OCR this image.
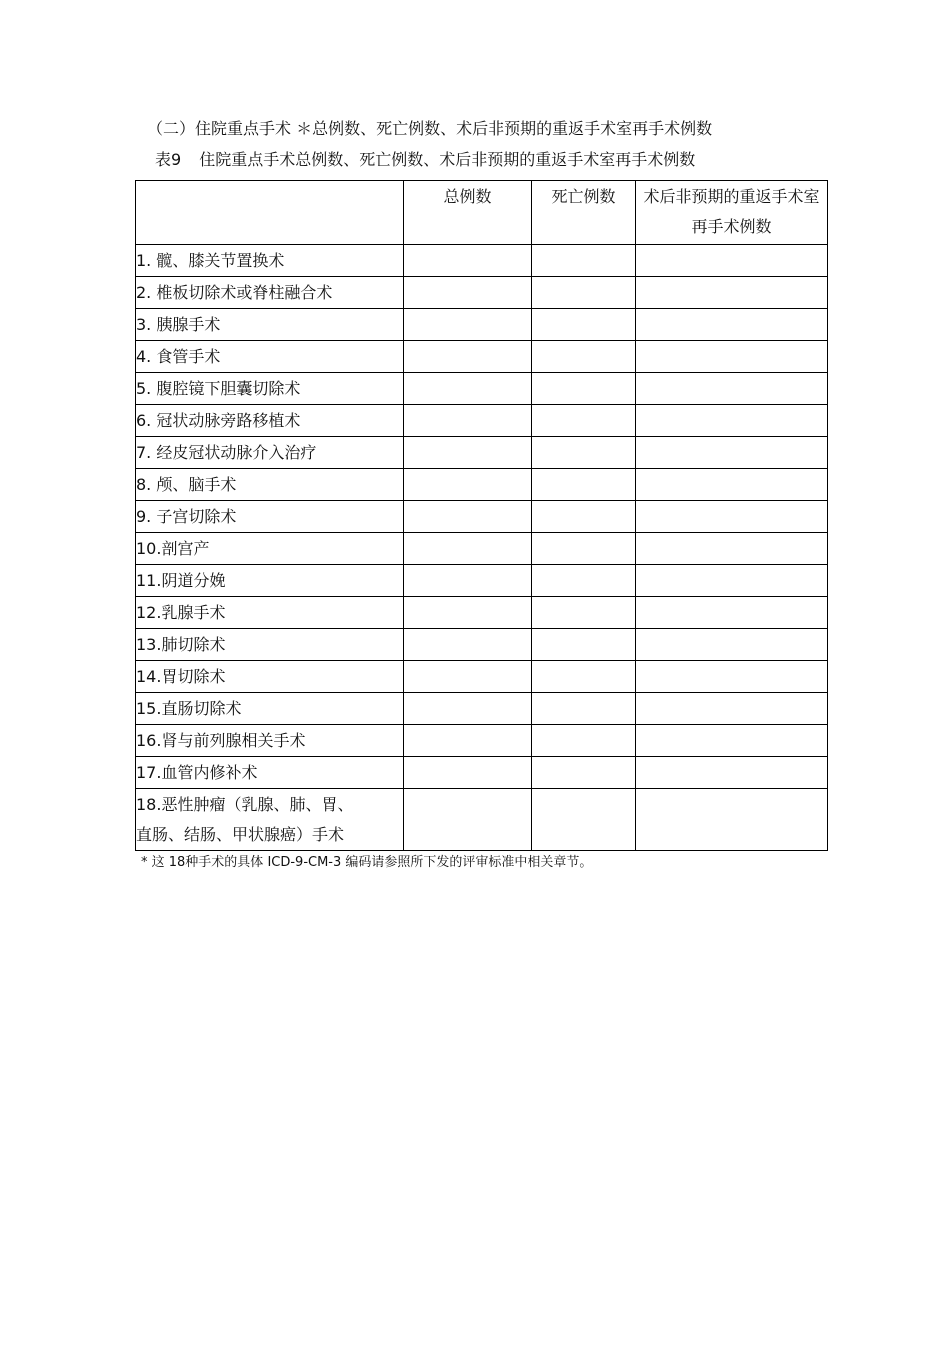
（二）住院重点手术 ＊总例数、死亡例数、术后非预期的重返手术室再手术例数
表9 住院重点手术总例数、死亡例数、术后非预期的重返手术室再手术例数
	总例数	死亡例数	术后非预期的重返手术室再手术例数
1. 髋、膝关节置换术			
2. 椎板切除术或脊柱融合术			
3. 胰腺手术			
4. 食管手术			
5. 腹腔镜下胆囊切除术			
6. 冠状动脉旁路移植术			
7. 经皮冠状动脉介入治疗			
8. 颅、脑手术			
9. 子宫切除术			
10.剖宫产			
11.阴道分娩			
12.乳腺手术			
13.肺切除术			
14.胃切除术			
15.直肠切除术			
16.肾与前列腺相关手术			
17.血管内修补术			

18.恶性肿瘤（乳腺、肺、胃、
直肠、结肠、甲状腺癌）手术			

* 这 18种手术的具体 ICD-9-CM-3 编码请参照所下发的评审标准中相关章节。
